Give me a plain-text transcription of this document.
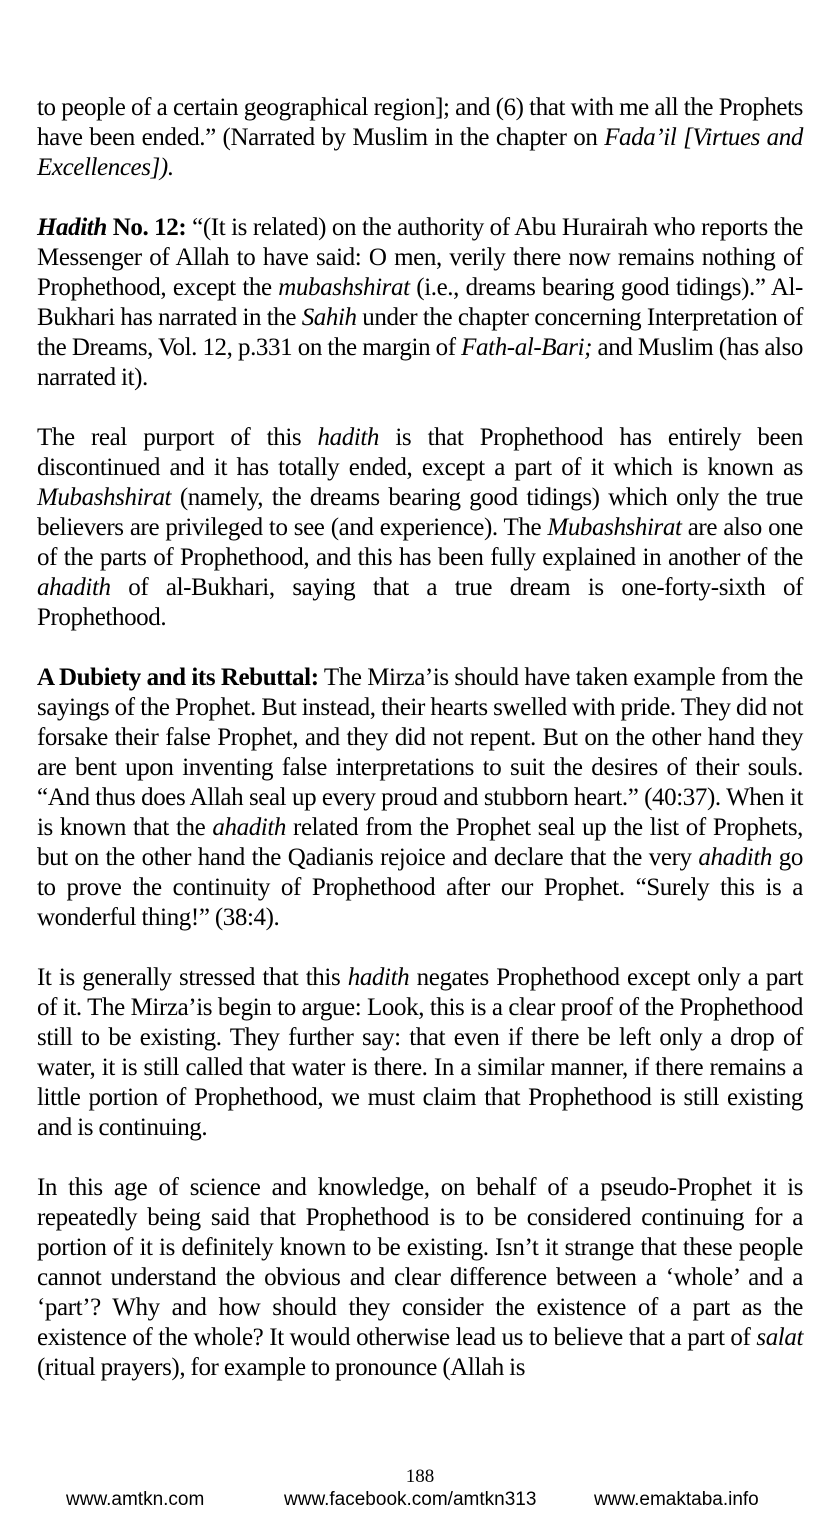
to people of a certain geographical region]; and (6) that with me all the Prophets have been ended.” (Narrated by Muslim in the chapter on Fada’il [Virtues and Excellences]).

Hadith No. 12: “(It is related) on the authority of Abu Hurairah who reports the Messenger of Allah to have said: O men, verily there now remains nothing of Prophethood, except the mubashshirat (i.e., dreams bearing good tidings).” Al-Bukhari has narrated in the Sahih under the chapter concerning Interpretation of the Dreams, Vol. 12, p.331 on the margin of Fath-al-Bari; and Muslim (has also narrated it).

The real purport of this hadith is that Prophethood has entirely been discontinued and it has totally ended, except a part of it which is known as Mubashshirat (namely, the dreams bearing good tidings) which only the true believers are privileged to see (and experience). The Mubashshirat are also one of the parts of Prophethood, and this has been fully explained in another of the ahadith of al-Bukhari, saying that a true dream is one-forty-sixth of Prophethood.

A Dubiety and its Rebuttal: The Mirza’is should have taken example from the sayings of the Prophet. But instead, their hearts swelled with pride. They did not forsake their false Prophet, and they did not repent. But on the other hand they are bent upon inventing false interpretations to suit the desires of their souls. “And thus does Allah seal up every proud and stubborn heart.” (40:37). When it is known that the ahadith related from the Prophet seal up the list of Prophets, but on the other hand the Qadianis rejoice and declare that the very ahadith go to prove the continuity of Prophethood after our Prophet. “Surely this is a wonderful thing!” (38:4).

It is generally stressed that this hadith negates Prophethood except only a part of it. The Mirza’is begin to argue: Look, this is a clear proof of the Prophethood still to be existing. They further say: that even if there be left only a drop of water, it is still called that water is there. In a similar manner, if there remains a little portion of Prophethood, we must claim that Prophethood is still existing and is continuing.

In this age of science and knowledge, on behalf of a pseudo-Prophet it is repeatedly being said that Prophethood is to be considered continuing for a portion of it is definitely known to be existing. Isn’t it strange that these people cannot understand the obvious and clear difference between a ‘whole’ and a ‘part’? Why and how should they consider the existence of a part as the existence of the whole? It would otherwise lead us to believe that a part of salat (ritual prayers), for example to pronounce (Allah is

188
www.amtkn.com	www.facebook.com/amtkn313	www.emaktaba.info
